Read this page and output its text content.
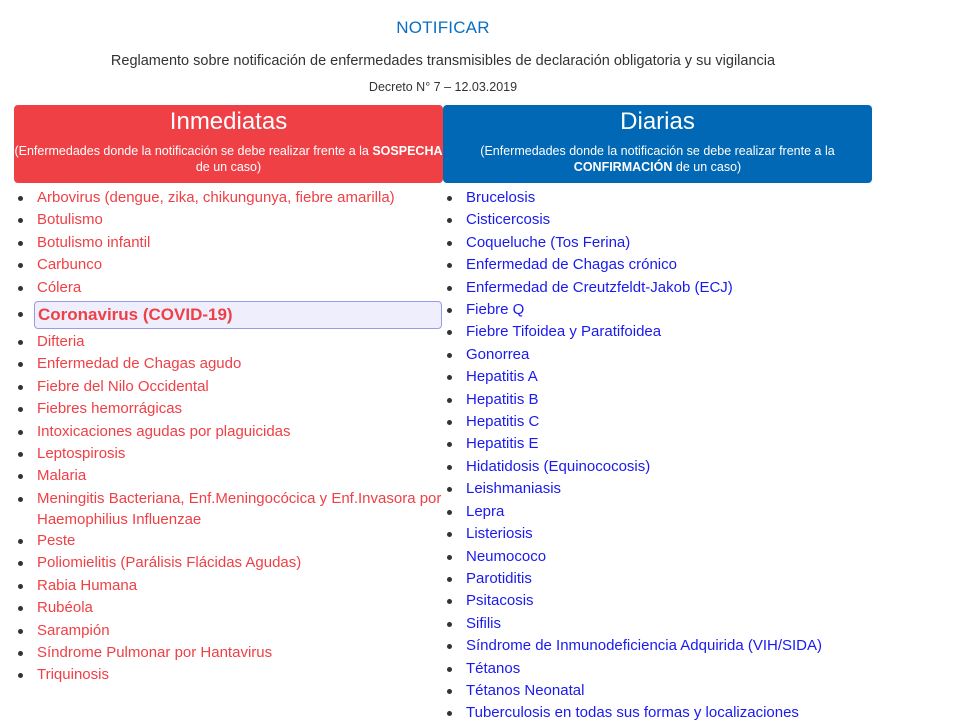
NOTIFICAR
Reglamento sobre notificación de enfermedades transmisibles de declaración obligatoria y su vigilancia
Decreto N° 7 – 12.03.2019
Inmediatas
(Enfermedades donde la notificación se debe realizar frente a la SOSPECHA de un caso)
Arbovirus (dengue, zika, chikungunya, fiebre amarilla)
Botulismo
Botulismo infantil
Carbunco
Cólera
Coronavirus (COVID-19)
Difteria
Enfermedad de Chagas agudo
Fiebre del Nilo Occidental
Fiebres hemorrágicas
Intoxicaciones agudas por plaguicidas
Leptospirosis
Malaria
Meningitis Bacteriana, Enf.Meningocócica y Enf.Invasora por Haemophilius Influenzae
Peste
Poliomielitis (Parálisis Flácidas Agudas)
Rabia Humana
Rubéola
Sarampión
Síndrome Pulmonar por Hantavirus
Triquinosis
Diarias
(Enfermedades donde la notificación se debe realizar frente a la CONFIRMACIÓN de un caso)
Brucelosis
Cisticercosis
Coqueluche (Tos Ferina)
Enfermedad de Chagas crónico
Enfermedad de Creutzfeldt-Jakob (ECJ)
Fiebre Q
Fiebre Tifoidea y Paratifoidea
Gonorrea
Hepatitis A
Hepatitis B
Hepatitis C
Hepatitis E
Hidatidosis (Equinococosis)
Leishmaniasis
Lepra
Listeriosis
Neumococo
Parotiditis
Psitacosis
Sifilis
Síndrome de Inmunodeficiencia Adquirida (VIH/SIDA)
Tétanos
Tétanos Neonatal
Tuberculosis en todas sus formas y localizaciones
